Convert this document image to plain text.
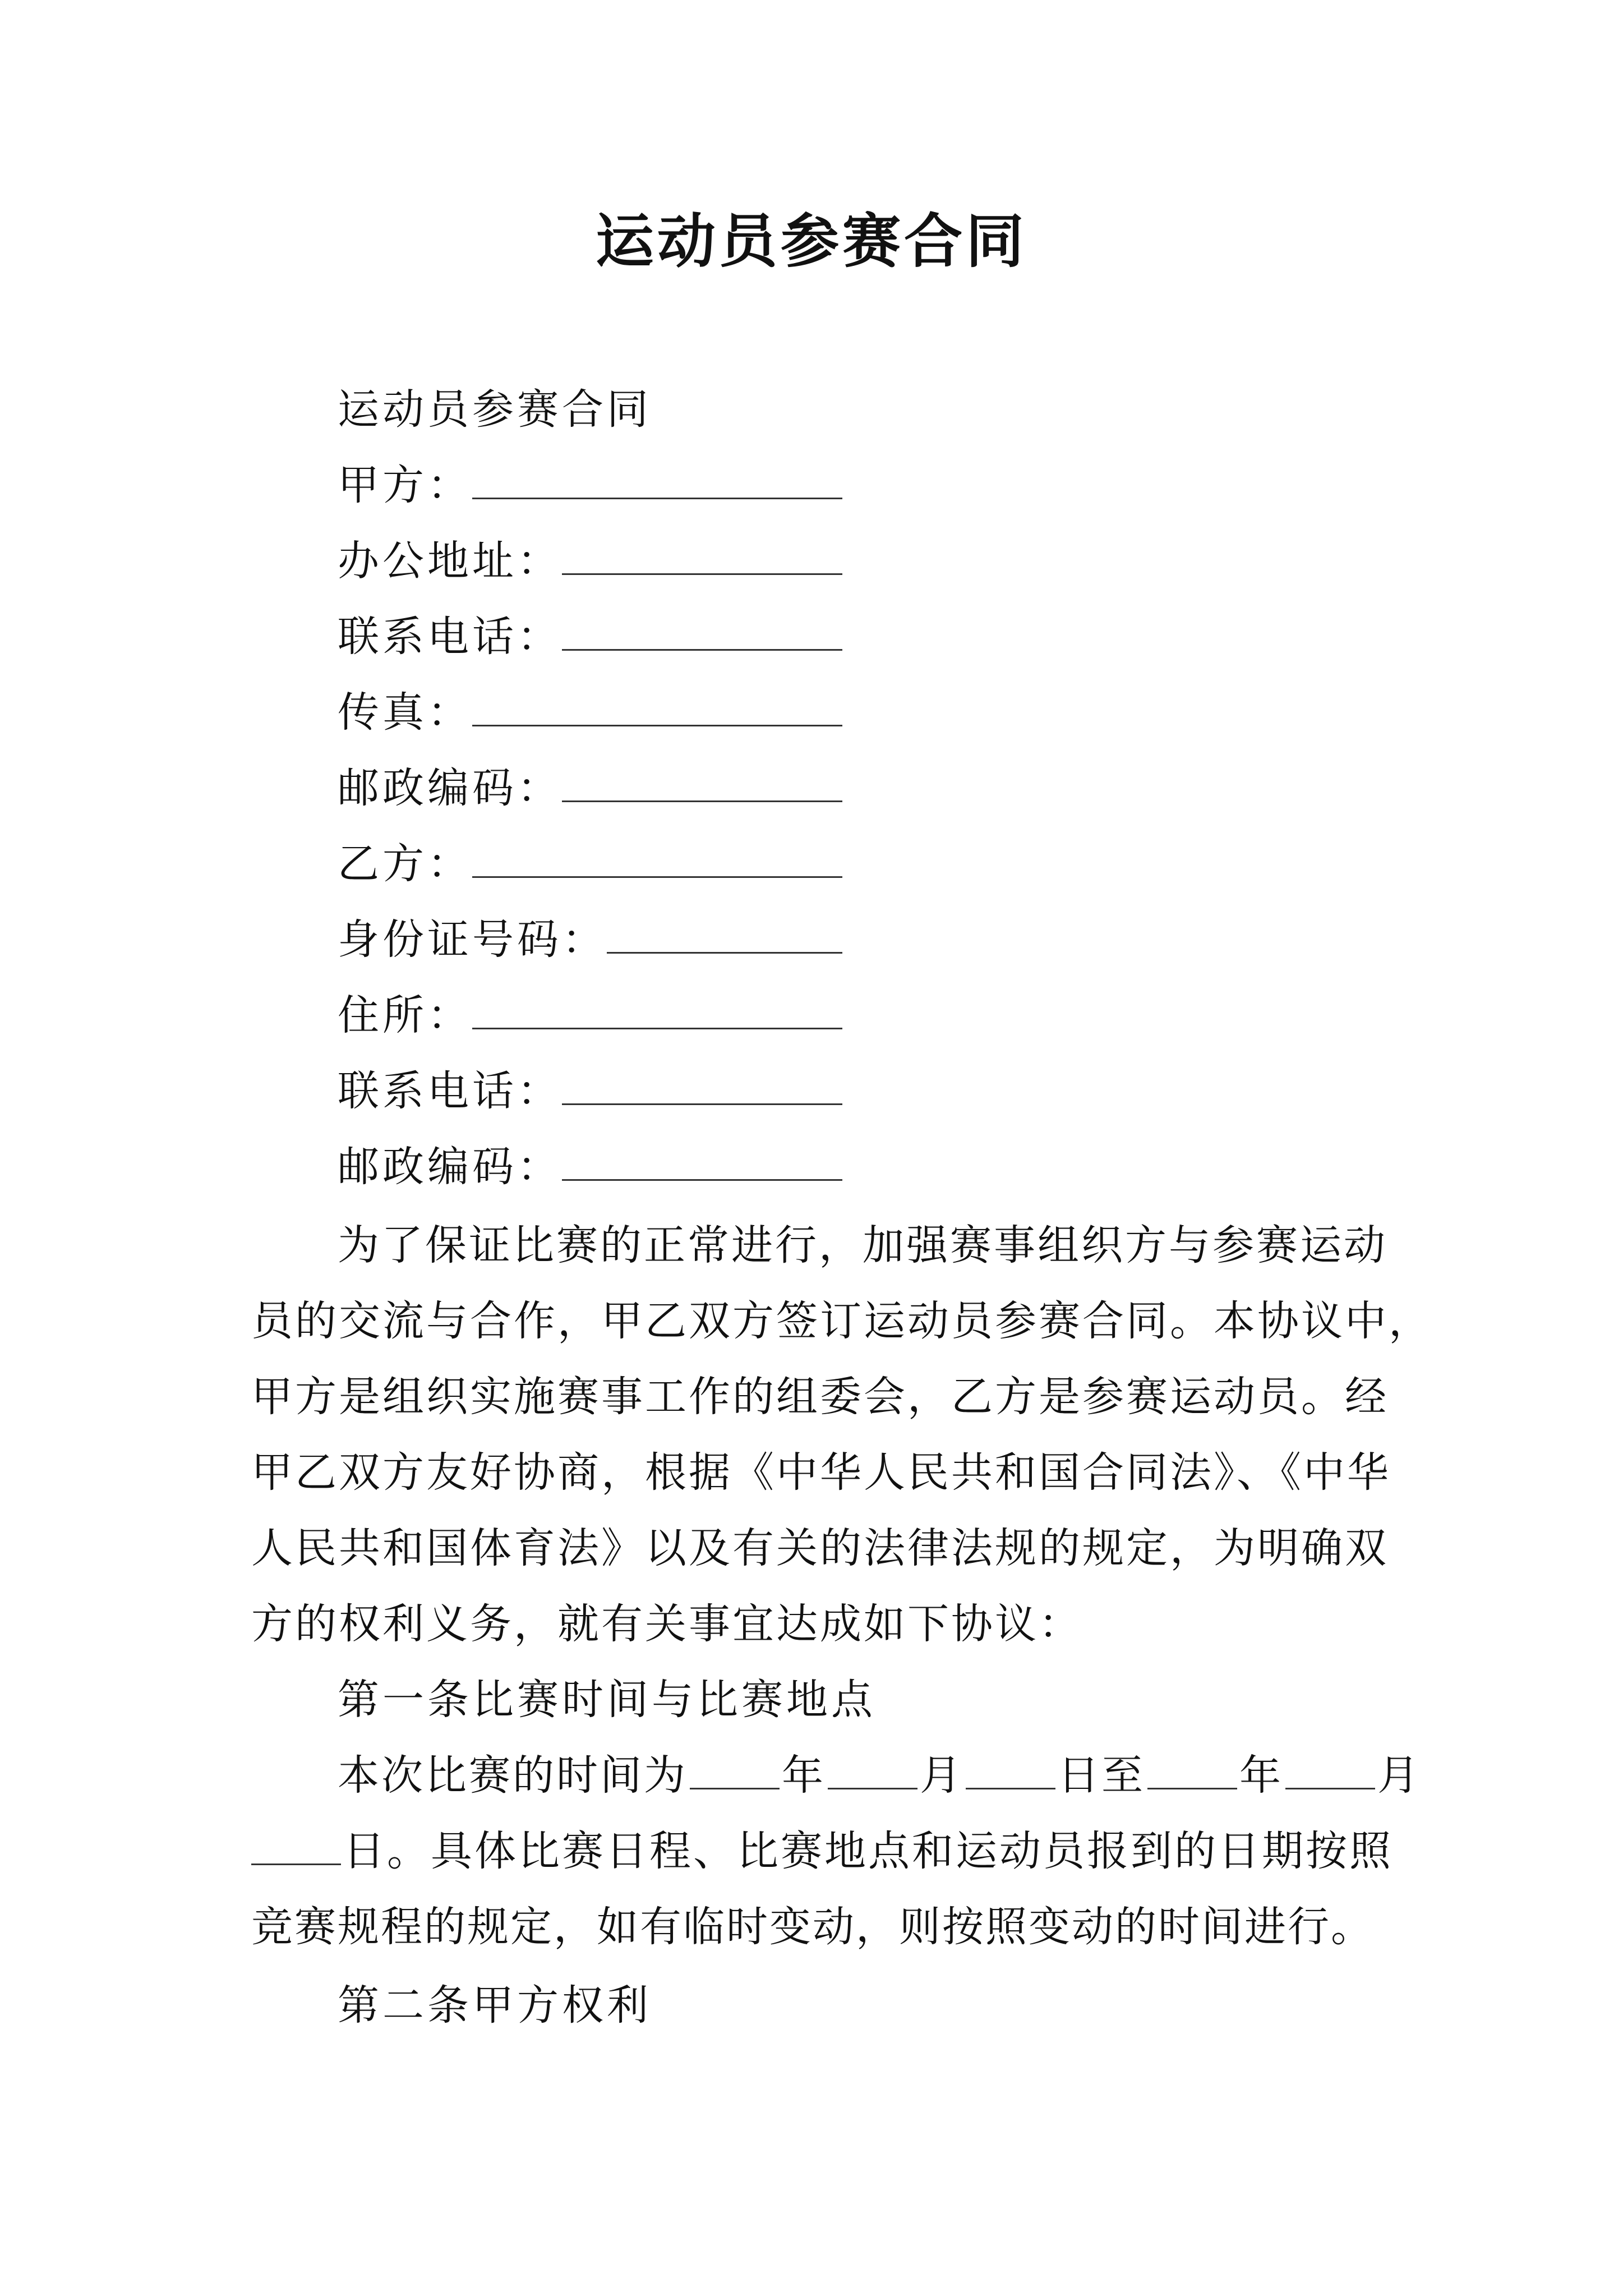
运动员参赛合同
运动员参赛合同
甲方：
办公地址：
联系电话：
传真：
邮政编码：
乙方：
身份证号码：
住所：
联系电话：
邮政编码：
为了保证比赛的正常进行，加强赛事组织方与参赛运动
员的交流与合作，甲乙双方签订运动员参赛合同。本协议中，
甲方是组织实施赛事工作的组委会，乙方是参赛运动员。经
甲乙双方友好协商，根据《中华人民共和国合同法》、《中华
人民共和国体育法》以及有关的法律法规的规定，为明确双
方的权利义务，就有关事宜达成如下协议：
第一条比赛时间与比赛地点
本次比赛的时间为 年 月 日至 年 月
日。具体比赛日程、比赛地点和运动员报到的日期按照
竞赛规程的规定，如有临时变动，则按照变动的时间进行。
第二条甲方权利
